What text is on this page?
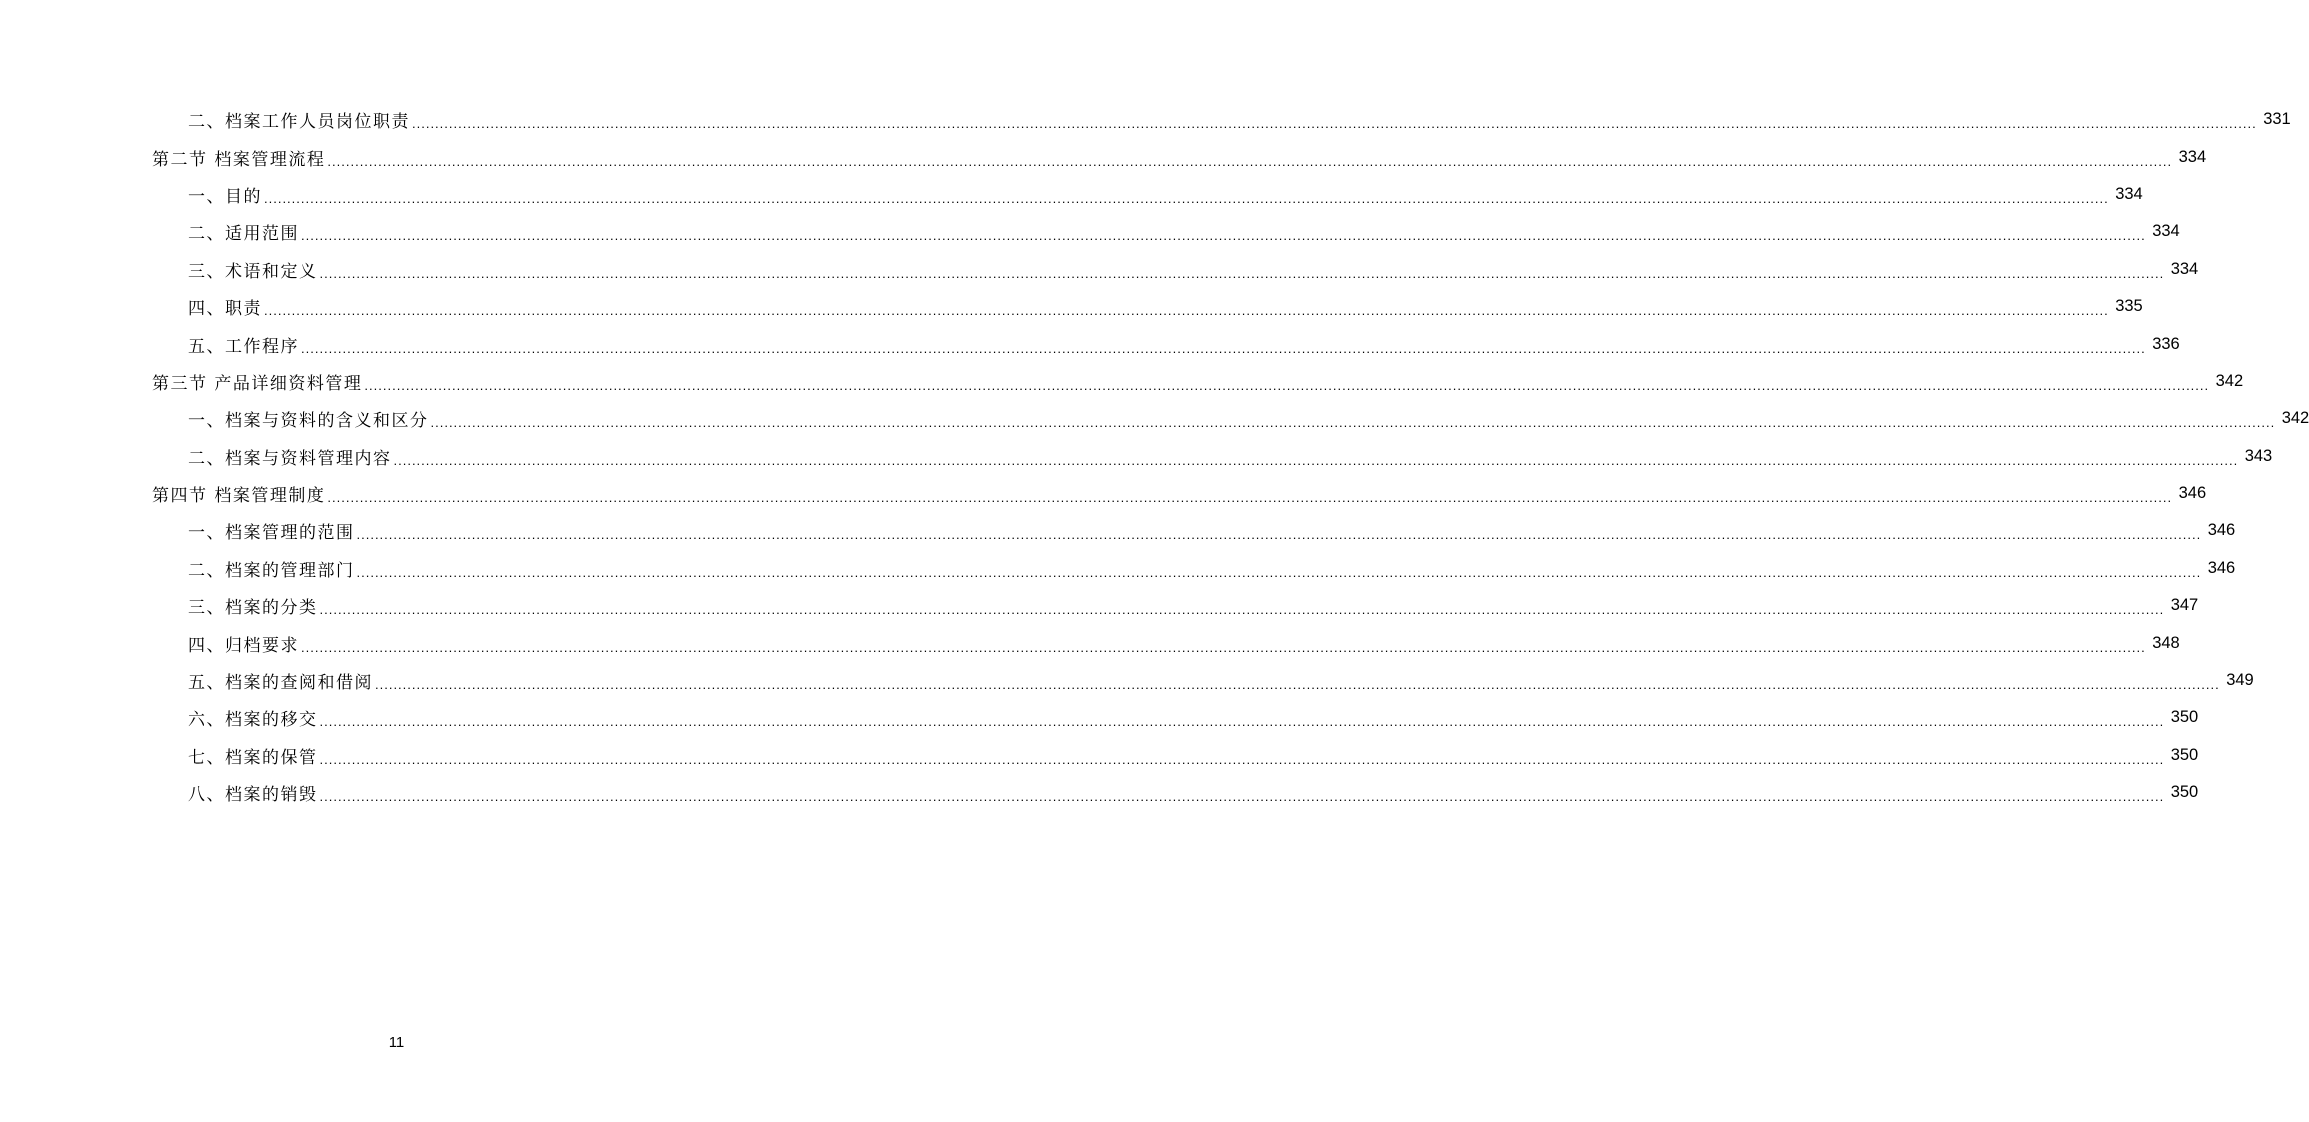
二、档案工作人员岗位职责 ................................................................................................................................................................................................................................................................................................................................................................................................................ 331
第二节 档案管理流程 ................................................................................................................................................................................................................................................................................................................................................................................................................ 334
一、目的 ................................................................................................................................................................................................................................................................................................................................................................................................................ 334
二、适用范围 ................................................................................................................................................................................................................................................................................................................................................................................................................ 334
三、术语和定义 ................................................................................................................................................................................................................................................................................................................................................................................................................ 334
四、职责 ................................................................................................................................................................................................................................................................................................................................................................................................................ 335
五、工作程序 ................................................................................................................................................................................................................................................................................................................................................................................................................ 336
第三节 产品详细资料管理 ................................................................................................................................................................................................................................................................................................................................................................................................................ 342
一、档案与资料的含义和区分 ................................................................................................................................................................................................................................................................................................................................................................................................................ 342
二、档案与资料管理内容 ................................................................................................................................................................................................................................................................................................................................................................................................................ 343
第四节 档案管理制度 ................................................................................................................................................................................................................................................................................................................................................................................................................ 346
一、档案管理的范围 ................................................................................................................................................................................................................................................................................................................................................................................................................ 346
二、档案的管理部门 ................................................................................................................................................................................................................................................................................................................................................................................................................ 346
三、档案的分类 ................................................................................................................................................................................................................................................................................................................................................................................................................ 347
四、归档要求 ................................................................................................................................................................................................................................................................................................................................................................................................................ 348
五、档案的查阅和借阅 ................................................................................................................................................................................................................................................................................................................................................................................................................ 349
六、档案的移交 ................................................................................................................................................................................................................................................................................................................................................................................................................ 350
七、档案的保管 ................................................................................................................................................................................................................................................................................................................................................................................................................ 350
八、档案的销毁 ................................................................................................................................................................................................................................................................................................................................................................................................................ 350
11
